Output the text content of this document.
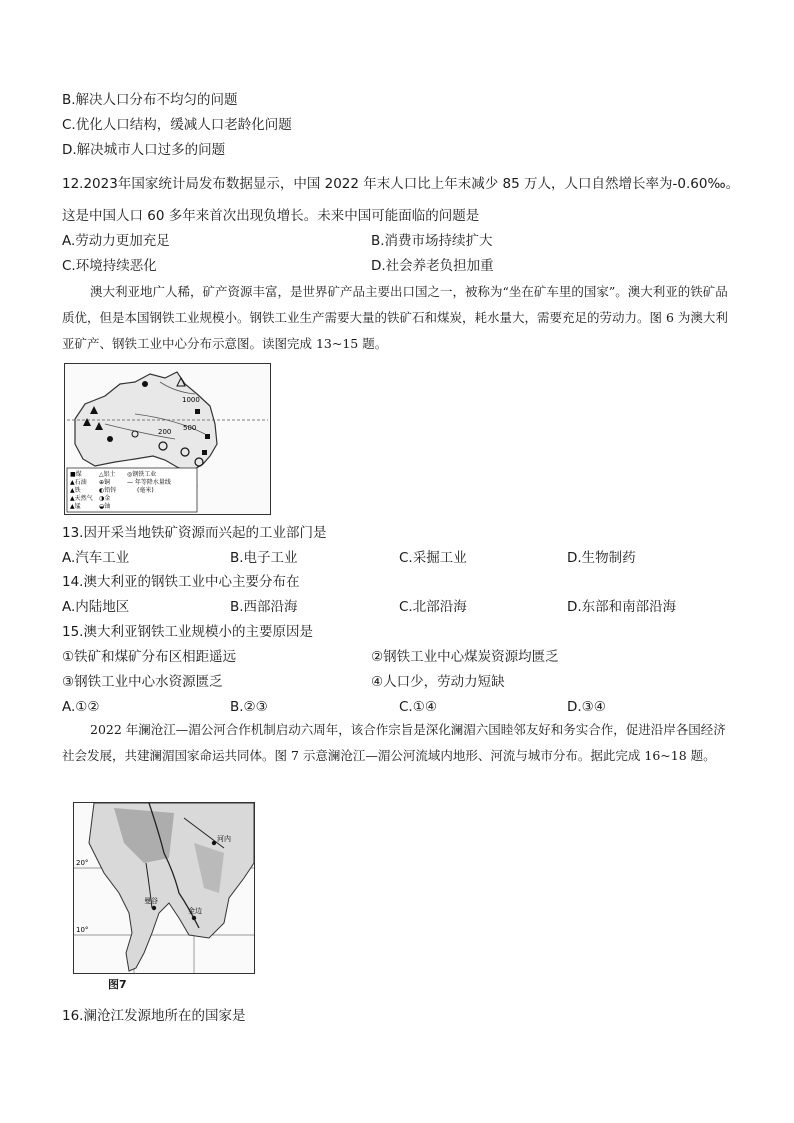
B.解决人口分布不均匀的问题
C.优化人口结构，缓减人口老龄化问题
D.解决城市人口过多的问题
12.2023年国家统计局发布数据显示，中国 2022 年末人口比上年末减少 85 万人，人口自然增长率为-0.60‰。
这是中国人口 60 多年来首次出现负增长。未来中国可能面临的问题是
A.劳动力更加充足	B.消费市场持续扩大
C.环境持续恶化	D.社会养老负担加重
澳大利亚地广人稀，矿产资源丰富，是世界矿产品主要出口国之一，被称为“坐在矿车里的国家”。澳大利亚的铁矿品质优，但是本国钢铁工业规模小。钢铁工业生产需要大量的铁矿石和煤炭，耗水量大，需要充足的劳动力。图 6 为澳大利亚矿产、钢铁工业中心分布示意图。读图完成 13~15 题。
1000
200 500
■煤	△铝土 ◎钢铁工业
▲石油 ⊕铜	— 年等降水量线
▲铁	◐铅锌	(毫米)
▲天然气 ◑金
▲锰	◒铀
13.因开采当地铁矿资源而兴起的工业部门是
A.汽车工业	B.电子工业	C.采掘工业	D.生物制药
14.澳大利亚的钢铁工业中心主要分布在
A.内陆地区	B.西部沿海	C.北部沿海	D.东部和南部沿海
15.澳大利亚钢铁工业规模小的主要原因是
①铁矿和煤矿分布区相距遥远	②钢铁工业中心煤炭资源均匮乏
③钢铁工业中心水资源匮乏	④人口少，劳动力短缺
A.①②	B.②③	C.①④	D.③④
2022 年澜沧江—湄公河合作机制启动六周年，该合作宗旨是深化澜湄六国睦邻友好和务实合作，促进沿岸各国经济社会发展，共建澜湄国家命运共同体。图 7 示意澜沧江—湄公河流域内地形、河流与城市分布。据此完成 16~18 题。
20°
10°
河内
曼谷
金边
图7
16.澜沧江发源地所在的国家是
